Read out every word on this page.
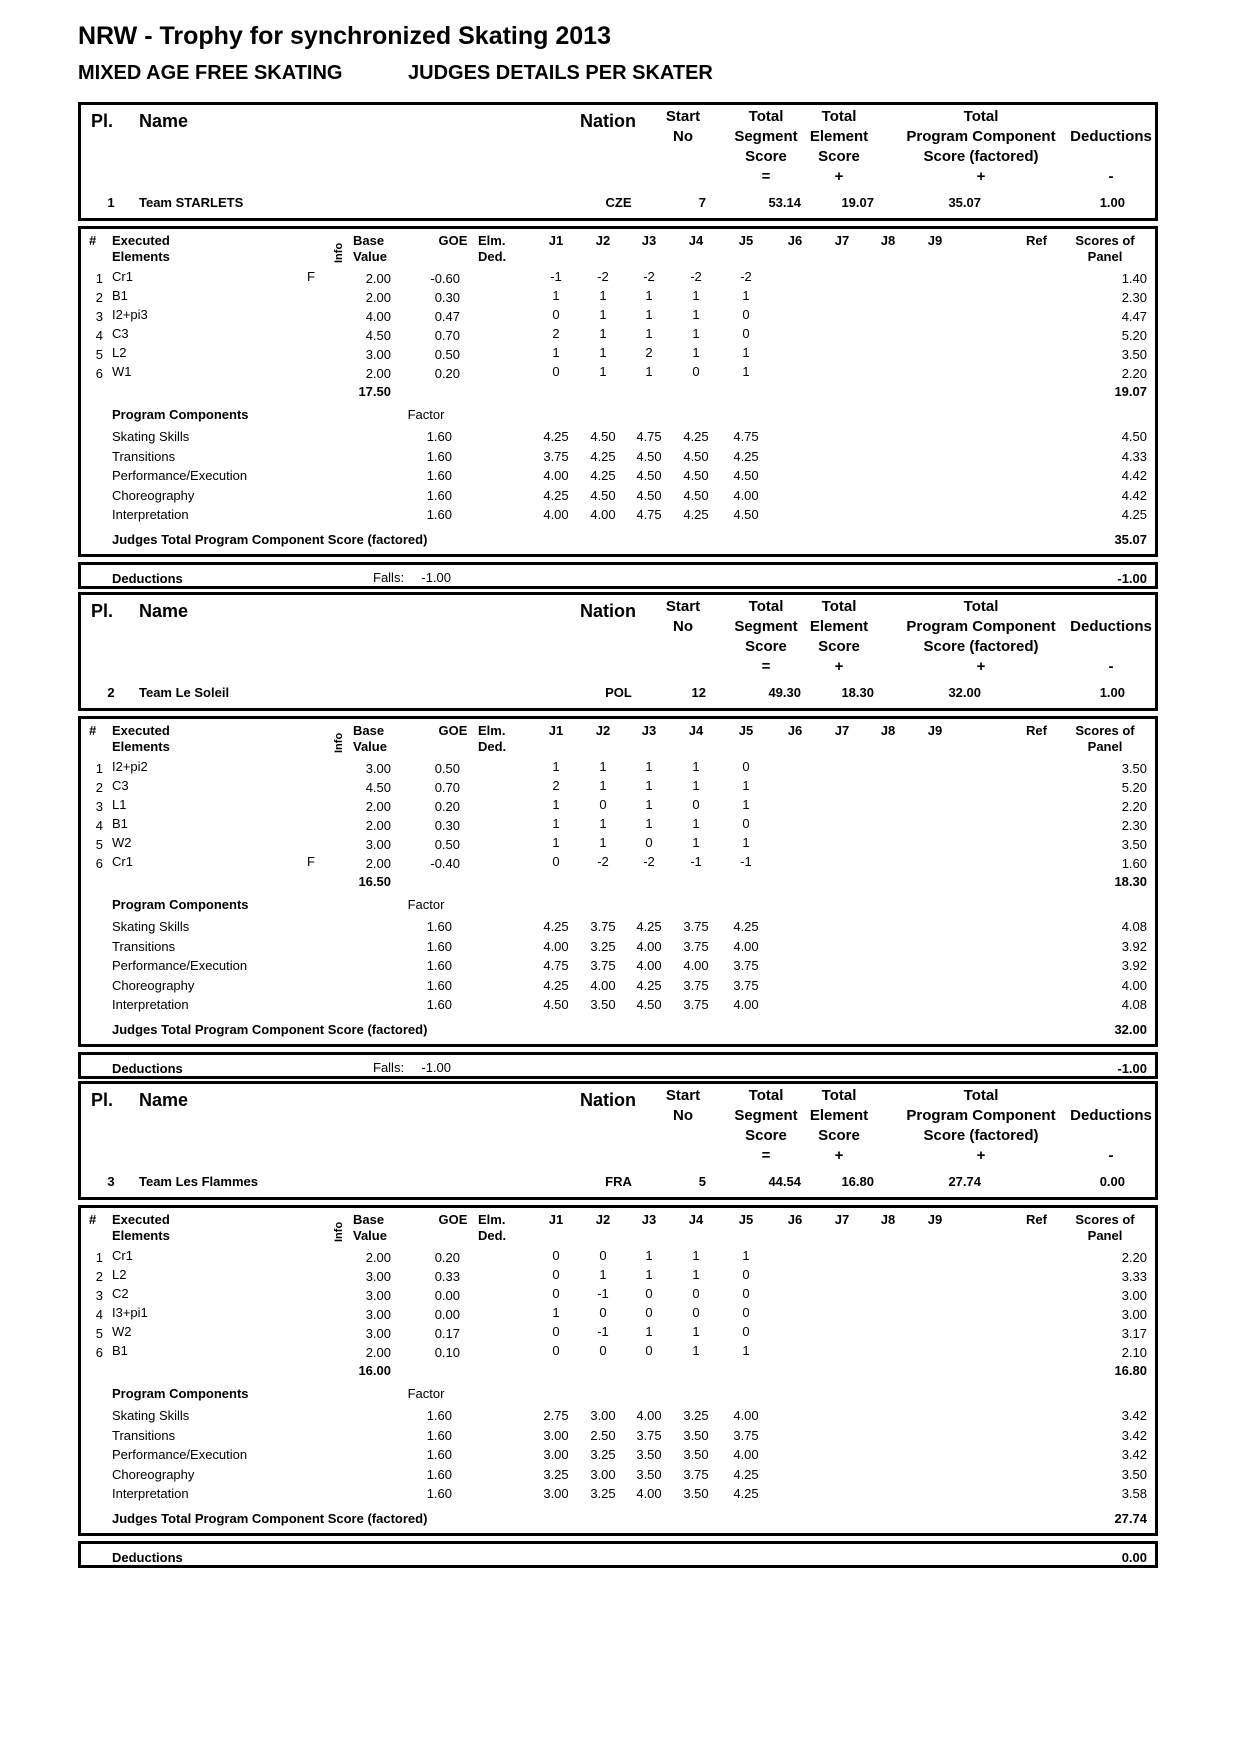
NRW - Trophy for synchronized Skating 2013
MIXED AGE FREE SKATING	JUDGES DETAILS PER SKATER
Pl. Name	Nation	Start
No
Total
Segment
Score
=
Total
Element
Score
+
Total
Program Component
Score (factored)
+
Deductions
-
1	Team STARLETS	CZE	7	53.14	19.07	35.07	1.00
# Executed
Elements	Info
Base
Value
GOE Elm.
Ded.
J1	J2	J3	J4	J5	J6	J7	J8	J9	Ref	Scores of
Panel
1 Cr1	F	2.00	-0.60	-1	-2	-2	-2	-2	1.40
2 B1	2.00	0.30	1	1	1	1	1	2.30
3 I2+pi3	4.00	0.47	0	1	1	1	0	4.47
4 C3	4.50	0.70	2	1	1	1	0	5.20
5 L2	3.00	0.50	1	1	2	1	1	3.50
6 W1	2.00	0.20	0	1	1	0	1	2.20
17.50	19.07
Program Components	Factor
Skating Skills	1.60	4.25	4.50	4.75	4.25	4.75	4.50
Transitions	1.60	3.75	4.25	4.50	4.50	4.25	4.33
Performance/Execution	1.60	4.00	4.25	4.50	4.50	4.50	4.42
Choreography	1.60	4.25	4.50	4.50	4.50	4.00	4.42
Interpretation	1.60	4.00	4.00	4.75	4.25	4.50	4.25
Judges Total Program Component Score (factored)	35.07
Deductions	Falls:	-1.00	-1.00
Pl. Name	Nation	Start
No
Total
Segment
Score
=
Total
Element
Score
+
Total
Program Component
Score (factored)
+
Deductions
-
2	Team Le Soleil	POL	12	49.30	18.30	32.00	1.00
# Executed
Elements	Info
Base
Value
GOE Elm.
Ded.
J1	J2	J3	J4	J5	J6	J7	J8	J9	Ref	Scores of
Panel
1 I2+pi2	3.00	0.50	1	1	1	1	0	3.50
2 C3	4.50	0.70	2	1	1	1	1	5.20
3 L1	2.00	0.20	1	0	1	0	1	2.20
4 B1	2.00	0.30	1	1	1	1	0	2.30
5 W2	3.00	0.50	1	1	0	1	1	3.50
6 Cr1	F	2.00	-0.40	0	-2	-2	-1	-1	1.60
16.50	18.30
Program Components	Factor
Skating Skills	1.60	4.25	3.75	4.25	3.75	4.25	4.08
Transitions	1.60	4.00	3.25	4.00	3.75	4.00	3.92
Performance/Execution	1.60	4.75	3.75	4.00	4.00	3.75	3.92
Choreography	1.60	4.25	4.00	4.25	3.75	3.75	4.00
Interpretation	1.60	4.50	3.50	4.50	3.75	4.00	4.08
Judges Total Program Component Score (factored)	32.00
Deductions	Falls:	-1.00	-1.00
Pl. Name	Nation	Start
No
Total
Segment
Score
=
Total
Element
Score
+
Total
Program Component
Score (factored)
+
Deductions
-
3	Team Les Flammes	FRA	5	44.54	16.80	27.74	0.00
# Executed
Elements	Info
Base
Value
GOE Elm.
Ded.
J1	J2	J3	J4	J5	J6	J7	J8	J9	Ref	Scores of
Panel
1 Cr1	2.00	0.20	0	0	1	1	1	2.20
2 L2	3.00	0.33	0	1	1	1	0	3.33
3 C2	3.00	0.00	0	-1	0	0	0	3.00
4 I3+pi1	3.00	0.00	1	0	0	0	0	3.00
5 W2	3.00	0.17	0	-1	1	1	0	3.17
6 B1	2.00	0.10	0	0	0	1	1	2.10
16.00	16.80
Program Components	Factor
Skating Skills	1.60	2.75	3.00	4.00	3.25	4.00	3.42
Transitions	1.60	3.00	2.50	3.75	3.50	3.75	3.42
Performance/Execution	1.60	3.00	3.25	3.50	3.50	4.00	3.42
Choreography	1.60	3.25	3.00	3.50	3.75	4.25	3.50
Interpretation	1.60	3.00	3.25	4.00	3.50	4.25	3.58
Judges Total Program Component Score (factored)	27.74
Deductions	0.00
